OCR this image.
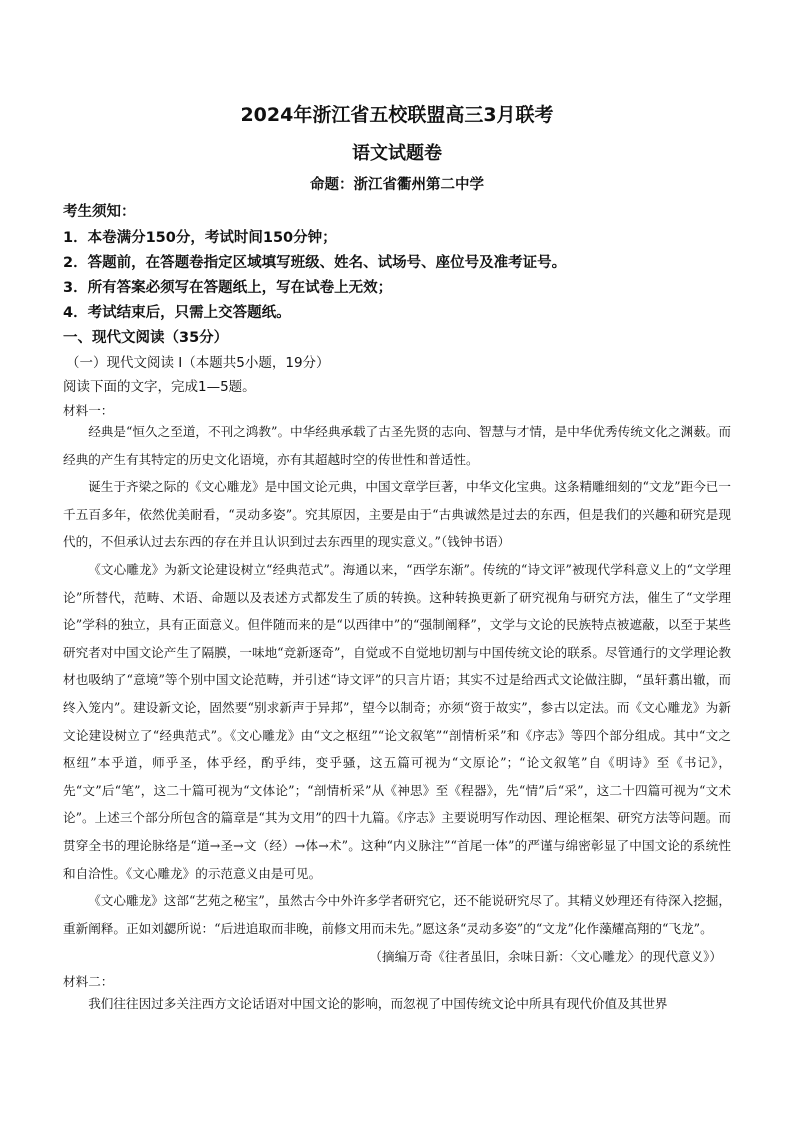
2024年浙江省五校联盟高三3月联考
语文试题卷
命题：浙江省衢州第二中学
考生须知：
1．本卷满分150分，考试时间150分钟；
2．答题前，在答题卷指定区域填写班级、姓名、试场号、座位号及准考证号。
3．所有答案必须写在答题纸上，写在试卷上无效；
4．考试结束后，只需上交答题纸。
一、现代文阅读（35分）
（一）现代文阅读 I（本题共5小题，19分）
阅读下面的文字，完成1—5题。
材料一：

经典是“恒久之至道，不刊之鸿教”。中华经典承载了古圣先贤的志向、智慧与才情，是中华优秀传统文化之渊薮。而经典的产生有其特定的历史文化语境，亦有其超越时空的传世性和普适性。

诞生于齐梁之际的《文心雕龙》是中国文论元典，中国文章学巨著，中华文化宝典。这条精雕细刻的“文龙”距今已一千五百多年，依然优美耐看，“灵动多姿”。究其原因，主要是由于“古典诚然是过去的东西，但是我们的兴趣和研究是现代的，不但承认过去东西的存在并且认识到过去东西里的现实意义。”（钱钟书语）

《文心雕龙》为新文论建设树立“经典范式”。海通以来，“西学东渐”。传统的“诗文评”被现代学科意义上的“文学理论”所替代，范畴、术语、命题以及表述方式都发生了质的转换。这种转换更新了研究视角与研究方法，催生了“文学理论”学科的独立，具有正面意义。但伴随而来的是“以西律中”的“强制阐释”，文学与文论的民族特点被遮蔽，以至于某些研究者对中国文论产生了隔膜，一味地“竞新逐奇”，自觉或不自觉地切割与中国传统文论的联系。尽管通行的文学理论教材也吸纳了“意境”等个别中国文论范畴，并引述“诗文评”的只言片语；其实不过是给西式文论做注脚，“虽轩翥出辙，而终入笼内”。建设新文论，固然要“别求新声于异邦”，望今以制奇；亦须“资于故实”，参古以定法。而《文心雕龙》为新文论建设树立了“经典范式”。《文心雕龙》由“文之枢纽”“论文叙笔”“剖情析采”和《序志》等四个部分组成。其中“文之枢纽”本乎道，师乎圣，体乎经，酌乎纬，变乎骚，这五篇可视为“文原论”；“论文叙笔”自《明诗》至《书记》，先“文”后“笔”，这二十篇可视为“文体论”；“剖情析采”从《神思》至《程器》，先“情”后“采”，这二十四篇可视为“文术论”。上述三个部分所包含的篇章是“其为文用”的四十九篇。《序志》主要说明写作动因、理论框架、研究方法等问题。而贯穿全书的理论脉络是“道→圣→文（经）→体→术”。这种“内义脉注”“首尾一体”的严谨与绵密彰显了中国文论的系统性和自洽性。《文心雕龙》的示范意义由是可见。

《文心雕龙》这部“艺苑之秘宝”，虽然古今中外许多学者研究它，还不能说研究尽了。其精义妙理还有待深入挖掘，重新阐释。正如刘勰所说：“后进追取而非晚，前修文用而未先。”愿这条“灵动多姿”的“文龙”化作藻耀高翔的“飞龙”。

（摘编万奇《往者虽旧，余味日新：〈文心雕龙〉的现代意义》）
材料二：

我们往往因过多关注西方文论话语对中国文论的影响，而忽视了中国传统文论中所具有现代价值及其世界
